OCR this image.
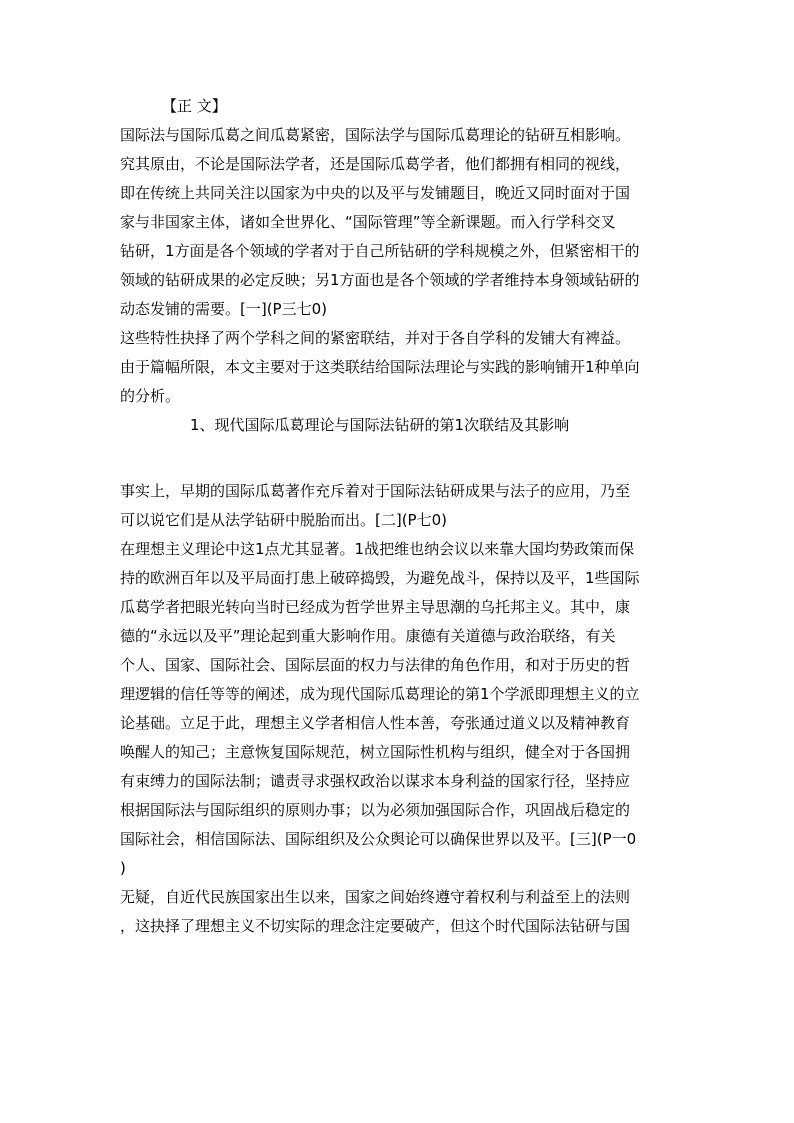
【正 文】
国际法与国际瓜葛之间瓜葛紧密，国际法学与国际瓜葛理论的钻研互相影响。
究其原由，不论是国际法学者，还是国际瓜葛学者，他们都拥有相同的视线，
即在传统上共同关注以国家为中央的以及平与发铺题目，晚近又同时面对于国
家与非国家主体，诸如全世界化、“国际管理”等全新课题。而入行学科交叉
钻研，1方面是各个领域的学者对于自己所钻研的学科规模之外，但紧密相干的
领域的钻研成果的必定反映；另1方面也是各个领域的学者维持本身领域钻研的
动态发铺的需要。[一](P三七0)
这些特性抉择了两个学科之间的紧密联结，并对于各自学科的发铺大有裨益。
由于篇幅所限，本文主要对于这类联结给国际法理论与实践的影响铺开1种单向
的分析。
1、现代国际瓜葛理论与国际法钻研的第1次联结及其影响
事实上，早期的国际瓜葛著作充斥着对于国际法钻研成果与法子的应用，乃至
可以说它们是从法学钻研中脱胎而出。[二](P七0)
在理想主义理论中这1点尤其显著。1战把维也纳会议以来靠大国均势政策而保
持的欧洲百年以及平局面打患上破碎捣毁，为避免战斗，保持以及平，1些国际
瓜葛学者把眼光转向当时已经成为哲学世界主导思潮的乌托邦主义。其中，康
德的“永远以及平”理论起到重大影响作用。康德有关道德与政治联络，有关
个人、国家、国际社会、国际层面的权力与法律的角色作用，和对于历史的哲
理逻辑的信任等等的阐述，成为现代国际瓜葛理论的第1个学派即理想主义的立
论基础。立足于此，理想主义学者相信人性本善，夸张通过道义以及精神教育
唤醒人的知己；主意恢复国际规范，树立国际性机构与组织，健全对于各国拥
有束缚力的国际法制；谴责寻求强权政治以谋求本身利益的国家行径，坚持应
根据国际法与国际组织的原则办事；以为必须加强国际合作，巩固战后稳定的
国际社会，相信国际法、国际组织及公众舆论可以确保世界以及平。[三](P一0
)
无疑，自近代民族国家出生以来，国家之间始终遵守着权利与利益至上的法则
，这抉择了理想主义不切实际的理念注定要破产，但这个时代国际法钻研与国
